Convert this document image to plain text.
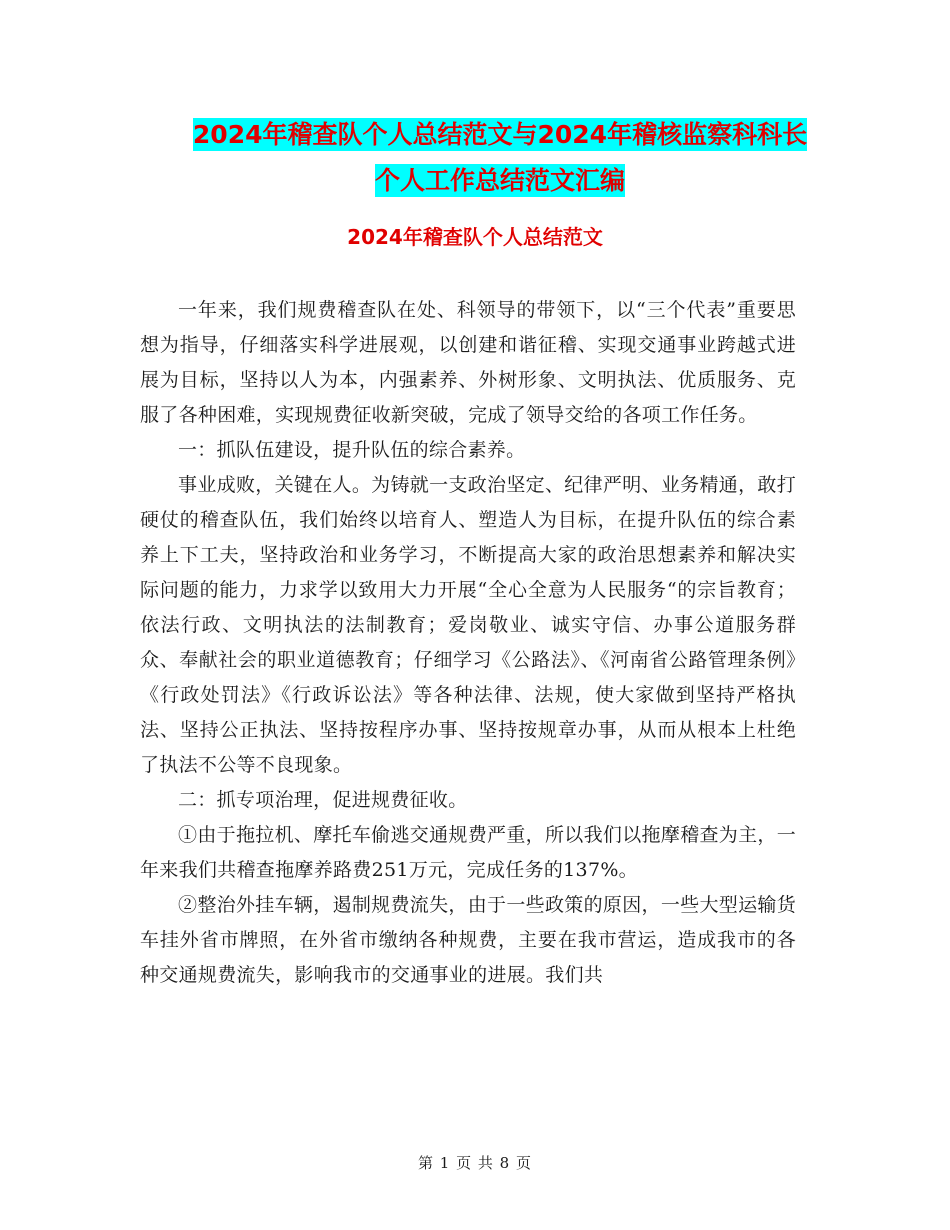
2024年稽查队个人总结范文与2024年稽核监察科科长
个人工作总结范文汇编
2024年稽查队个人总结范文

一年来，我们规费稽查队在处、科领导的带领下，以“三个代表”重要思想为指导，仔细落实科学进展观，以创建和谐征稽、实现交通事业跨越式进展为目标，坚持以人为本，内强素养、外树形象、文明执法、优质服务、克服了各种困难，实现规费征收新突破，完成了领导交给的各项工作任务。

一：抓队伍建设，提升队伍的综合素养。

事业成败，关键在人。为铸就一支政治坚定、纪律严明、业务精通，敢打硬仗的稽查队伍，我们始终以培育人、塑造人为目标，在提升队伍的综合素养上下工夫，坚持政治和业务学习，不断提高大家的政治思想素养和解决实际问题的能力，力求学以致用大力开展“全心全意为人民服务“的宗旨教育；依法行政、文明执法的法制教育；爱岗敬业、诚实守信、办事公道服务群众、奉献社会的职业道德教育；仔细学习《公路法》、《河南省公路管理条例》《行政处罚法》《行政诉讼法》等各种法律、法规，使大家做到坚持严格执法、坚持公正执法、坚持按程序办事、坚持按规章办事，从而从根本上杜绝了执法不公等不良现象。

二：抓专项治理，促进规费征收。

①由于拖拉机、摩托车偷逃交通规费严重，所以我们以拖摩稽查为主，一年来我们共稽查拖摩养路费251万元，完成任务的137%。

②整治外挂车辆，遏制规费流失，由于一些政策的原因，一些大型运输货车挂外省市牌照，在外省市缴纳各种规费，主要在我市营运，造成我市的各种交通规费流失，影响我市的交通事业的进展。我们共

第 1 页 共 8 页
